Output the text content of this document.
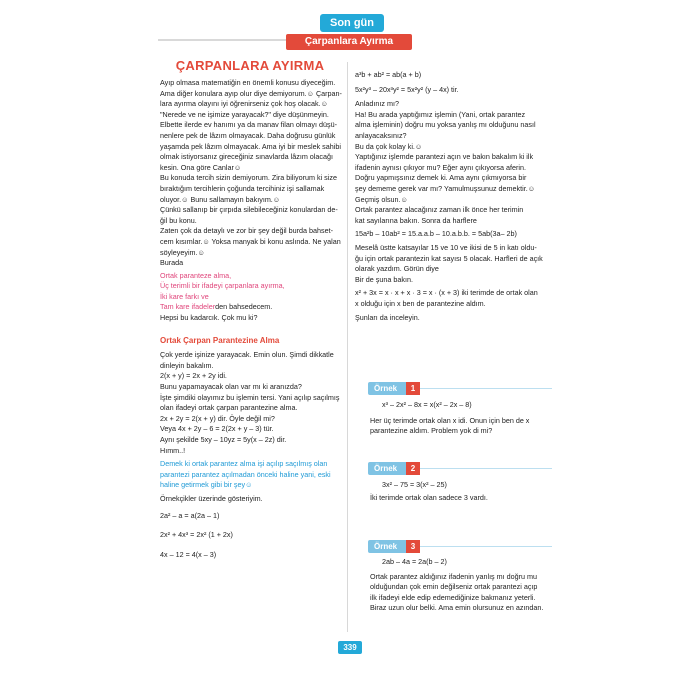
Son gün
Çarpanlara Ayırma
ÇARPANLARA AYIRMA

Ayıp olmasa matematiğin en önemli konusu diyeceğim.

Ama diğer konulara ayıp olur diye demiyorum.☺ Çarpan-

lara ayırma olayını iyi öğrenirseniz çok hoş olacak.☺

"Nerede ve ne işimize yarayacak?" diye düşünmeyin.

Elbette ilerde ev hanımı ya da manav filan olmayı düşü-

nenlere pek de lâzım olmayacak. Daha doğrusu günlük

yaşamda pek lâzım olmayacak. Ama iyi bir meslek sahibi

olmak istiyorsanız gireceğiniz sınavlarda lâzım olacağı

kesin. Ona göre Canlar☺

Bu konuda tercih sizin demiyorum. Zira biliyorum ki size

bıraktığım tercihlerin çoğunda tercihiniz işi sallamak

oluyor.☺ Bunu sallamayın bakıyım.☺

Çünkü sallanıp bir çırpıda silebileceğiniz konulardan de-

ğil bu konu.

Zaten çok da detaylı ve zor bir şey değil burda bahset-

cem kısımlar.☺ Yoksa manyak bi konu aslında. Ne yalan

söyleyeyim.☺

Burada

Ortak paranteze alma,

Üç terimli bir ifadeyi çarpanlara ayırma,

İki kare farkı ve

Tam kare ifadelerden bahsedecem.

Hepsi bu kadarcık. Çok mu ki?

Ortak Çarpan Parantezine Alma

Çok yerde işinize yarayacak. Emin olun. Şimdi dikkatle

dinleyin bakalım.

2(x + y) = 2x + 2y idi.

Bunu yapamayacak olan var mı ki aranızda?

İşte şimdiki olayımız bu işlemin tersi. Yani açılıp saçılmış

olan ifadeyi ortak çarpan parantezine alma.

2x + 2y = 2(x + y) dir. Öyle değil mi?

Veya 4x + 2y – 6 = 2(2x + y – 3) tür.

Aynı şekilde 5xy – 10yz = 5y(x – 2z) dir.

Hımm..!

Demek ki ortak parantez alma işi açılıp saçılmış olan

parantezi parantez açılmadan önceki haline yani, eski

haline getirmek gibi bir şey☺

Örnekçikler üzerinde gösteriyim.

2a² – a = a(2a – 1)

2x² + 4x³ = 2x² (1 + 2x)

4x – 12 = 4(x – 3)

a³b + ab² = ab(a + b)

5x²y³ – 20x³y² = 5x²y² (y – 4x) tir.

Anladınız mı?

Ha! Bu arada yaptığımız işlemin (Yani, ortak parantez

alma işleminin) doğru mu yoksa yanlış mı olduğunu nasıl

anlayacaksınız?

Bu da çok kolay ki.☺

Yaptığınız işlemde parantezi açın ve bakın bakalım ki ilk

ifadenin aynısı çıkıyor mu? Eğer aynı çıkıyorsa aferin.

Doğru yapmışsınız demek ki. Ama aynı çıkmıyorsa bir

şey dememe gerek var mı? Yamulmuşsunuz demektir.☺

Geçmiş olsun.☺

Ortak parantez alacağınız zaman ilk önce her terimin

kat sayılarına bakın. Sonra da harflere

15a²b – 10ab² = 15.a.a.b – 10.a.b.b. = 5ab(3a– 2b)

Meselâ üstte katsayılar 15 ve 10 ve ikisi de 5 in katı oldu-

ğu için ortak parantezin kat sayısı 5 olacak. Harfleri de açık

olarak yazdım. Görün diye

Bir de şuna bakın.

x² + 3x = x · x + x · 3 = x · (x + 3) iki terimde de ortak olan

x olduğu için x ben de parantezine aldım.

Şunları da inceleyin.

Örnek	1

x³ – 2x² – 8x = x(x² – 2x – 8)

Her üç terimde ortak olan x idi. Onun için ben de x

parantezine aldım. Problem yok di mi?

Örnek	2

3x² – 75 = 3(x² – 25)

İki terimde ortak olan sadece 3 vardı.

Örnek	3

2ab – 4a = 2a(b – 2)

Ortak parantez aldığınız ifadenin yanlış mı doğru mu

olduğundan çok emin değilseniz ortak parantezi açıp

ilk ifadeyi elde edip edemediğinize bakmanız yeterli.

Biraz uzun olur belki. Ama emin olursunuz en azından.

339
